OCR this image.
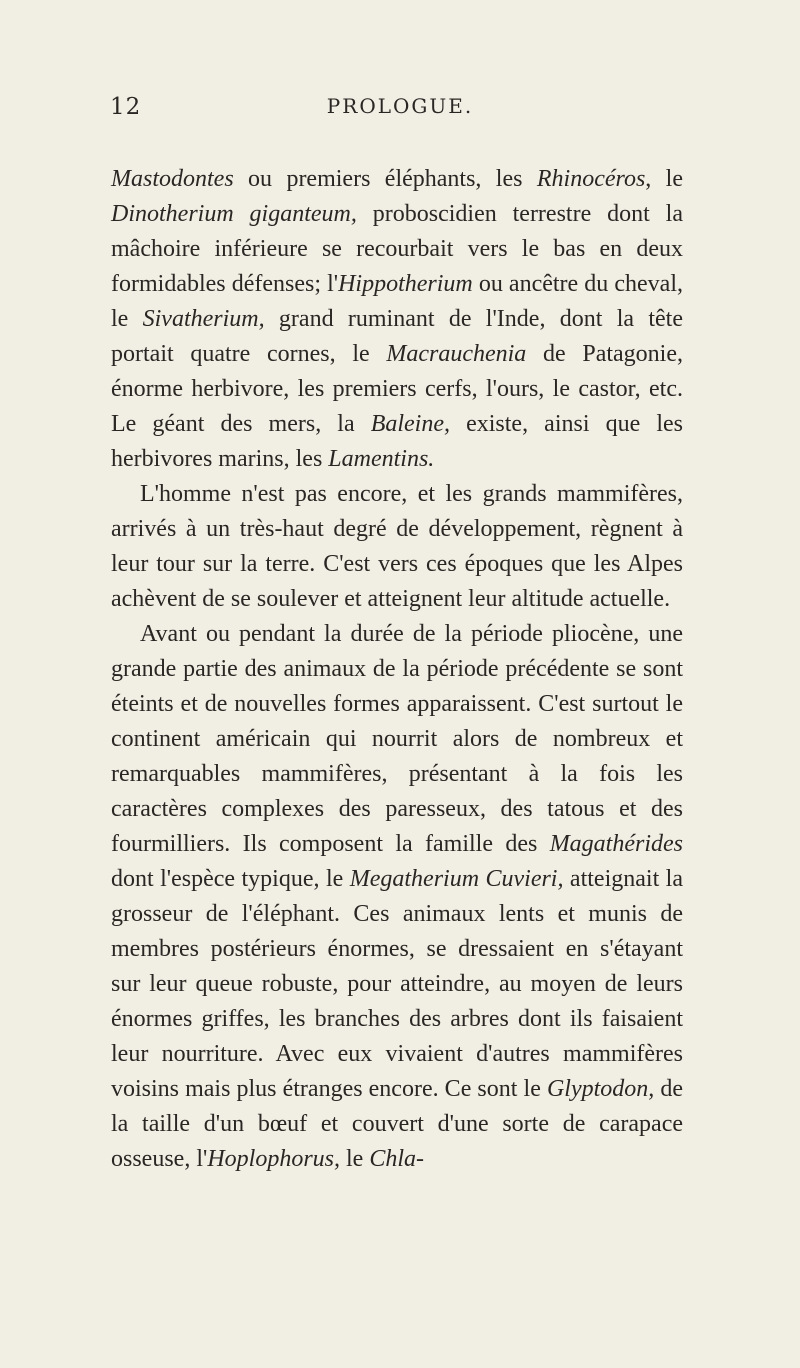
12	PROLOGUE.

Mastodontes ou premiers éléphants, les Rhinocéros, le Dinotherium giganteum, proboscidien terrestre dont la mâchoire inférieure se recourbait vers le bas en deux formidables défenses; l'Hippotherium ou ancêtre du cheval, le Sivatherium, grand ruminant de l'Inde, dont la tête portait quatre cornes, le Macrauchenia de Patagonie, énorme herbivore, les premiers cerfs, l'ours, le castor, etc. Le géant des mers, la Baleine, existe, ainsi que les herbivores marins, les Lamentins.

L'homme n'est pas encore, et les grands mammifères, arrivés à un très-haut degré de développement, règnent à leur tour sur la terre. C'est vers ces époques que les Alpes achèvent de se soulever et atteignent leur altitude actuelle.

Avant ou pendant la durée de la période pliocène, une grande partie des animaux de la période précédente se sont éteints et de nouvelles formes apparaissent. C'est surtout le continent américain qui nourrit alors de nombreux et remarquables mammifères, présentant à la fois les caractères complexes des paresseux, des tatous et des fourmilliers. Ils composent la famille des Magathérides dont l'espèce typique, le Megatherium Cuvieri, atteignait la grosseur de l'éléphant. Ces animaux lents et munis de membres postérieurs énormes, se dressaient en s'étayant sur leur queue robuste, pour atteindre, au moyen de leurs énormes griffes, les branches des arbres dont ils faisaient leur nourriture. Avec eux vivaient d'autres mammifères voisins mais plus étranges encore. Ce sont le Glyptodon, de la taille d'un bœuf et couvert d'une sorte de carapace osseuse, l'Hoplophorus, le Chla-
